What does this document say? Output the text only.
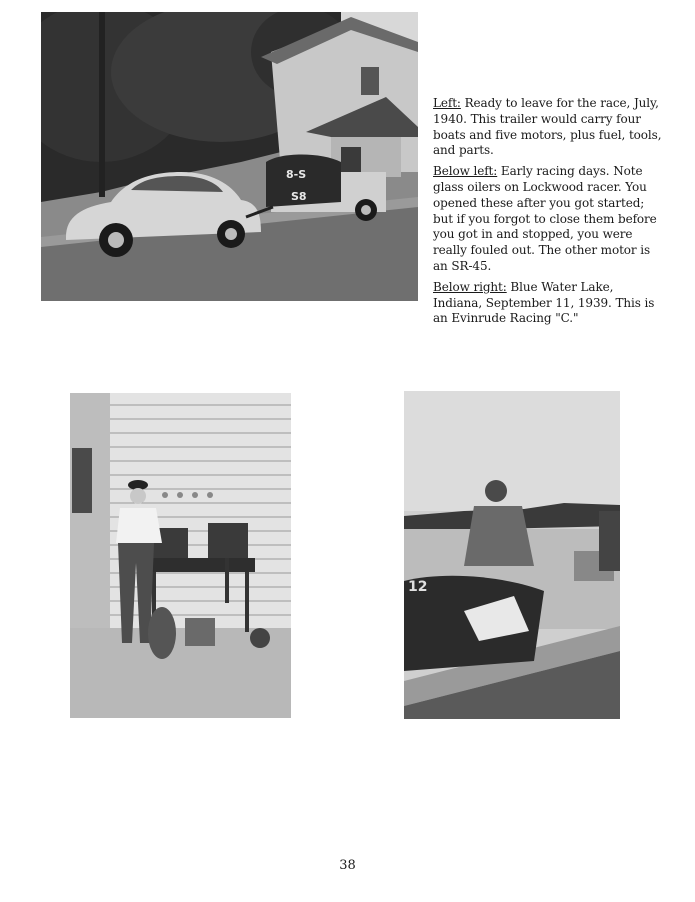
8-S
S8

Left: Ready to leave for the race, July, 1940. This trailer would carry four boats and five motors, plus fuel, tools, and parts.

Below left: Early racing days. Note glass oilers on Lockwood racer. You opened these after you got started; but if you forgot to close them before you got in and stopped, you were really fouled out. The other motor is an SR-45.

Below right: Blue Water Lake, Indiana, September 11, 1939. This is an Evinrude Racing "C."

12
38
